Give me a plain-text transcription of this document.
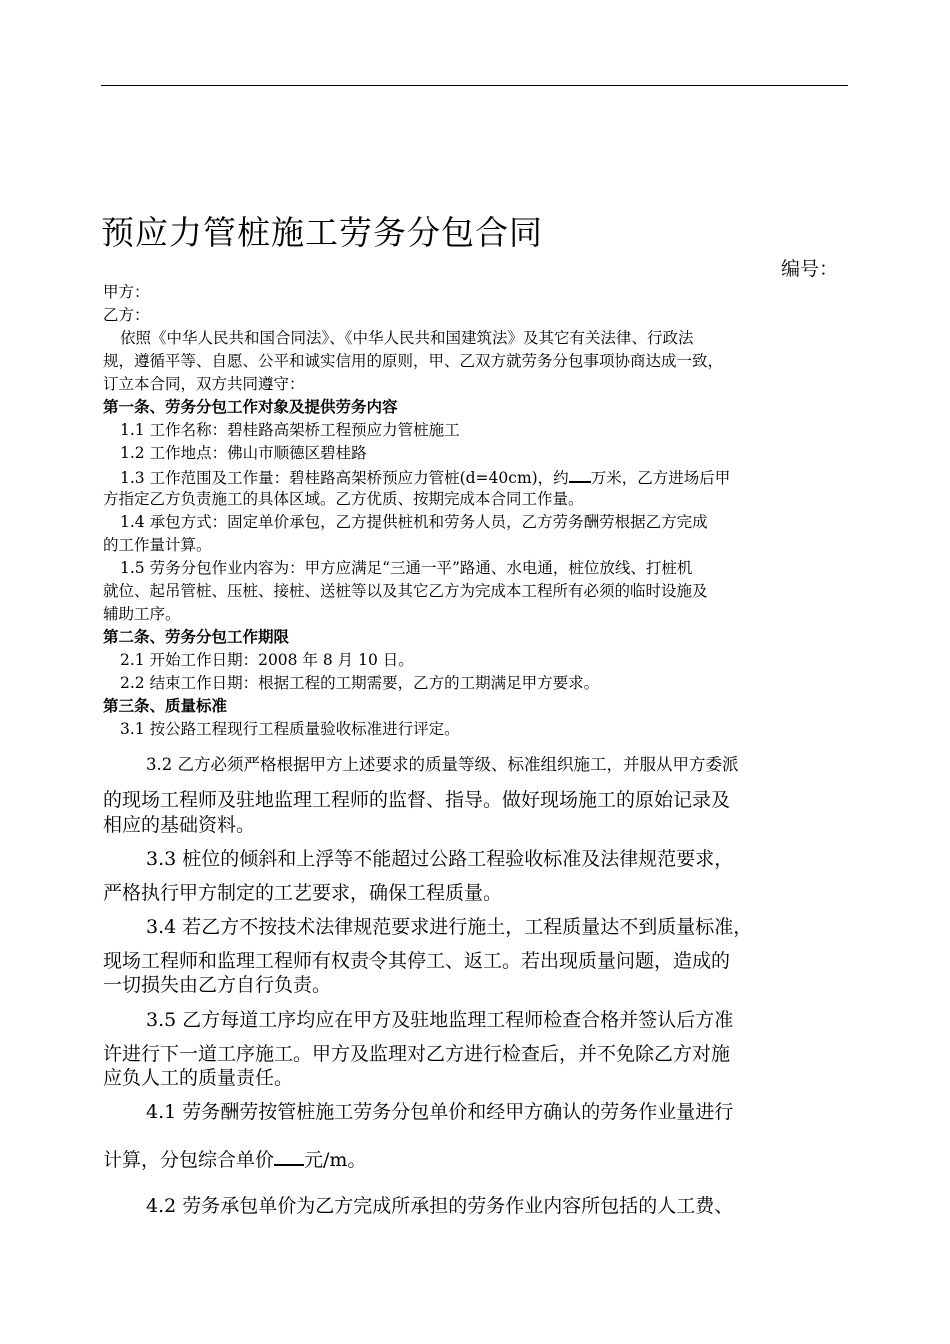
预应力管桩施工劳务分包合同
编号：
甲方：
乙方：
依照《中华人民共和国合同法》、《中华人民共和国建筑法》及其它有关法律、行政法
规，遵循平等、自愿、公平和诚实信用的原则，甲、乙双方就劳务分包事项协商达成一致，
订立本合同，双方共同遵守：
第一条、劳务分包工作对象及提供劳务内容
1.1 工作名称：碧桂路高架桥工程预应力管桩施工
1.2 工作地点：佛山市顺德区碧桂路
1.3 工作范围及工作量：碧桂路高架桥预应力管桩(d=40cm)，约 万米，乙方进场后甲
方指定乙方负责施工的具体区域。乙方优质、按期完成本合同工作量。
1.4 承包方式：固定单价承包，乙方提供桩机和劳务人员，乙方劳务酬劳根据乙方完成
的工作量计算。
1.5 劳务分包作业内容为：甲方应满足“三通一平”路通、水电通，桩位放线、打桩机
就位、起吊管桩、压桩、接桩、送桩等以及其它乙方为完成本工程所有必须的临时设施及
辅助工序。
第二条、劳务分包工作期限
2.1 开始工作日期：2008 年 8 月 10 日。
2.2 结束工作日期：根据工程的工期需要，乙方的工期满足甲方要求。
第三条、质量标准
3.1 按公路工程现行工程质量验收标准进行评定。
3.2 乙方必须严格根据甲方上述要求的质量等级、标准组织施工，并服从甲方委派
的现场工程师及驻地监理工程师的监督、指导。做好现场施工的原始记录及
相应的基础资料。
3.3 桩位的倾斜和上浮等不能超过公路工程验收标准及法律规范要求，
严格执行甲方制定的工艺要求，确保工程质量。
3.4 若乙方不按技术法律规范要求进行施土，工程质量达不到质量标准，
现场工程师和监理工程师有权责令其停工、返工。若出现质量问题，造成的
一切损失由乙方自行负责。
3.5 乙方每道工序均应在甲方及驻地监理工程师检查合格并签认后方准
许进行下一道工序施工。甲方及监理对乙方进行检查后，并不免除乙方对施
应负人工的质量责任。
4.1 劳务酬劳按管桩施工劳务分包单价和经甲方确认的劳务作业量进行
计算，分包综合单价 元/m。
4.2 劳务承包单价为乙方完成所承担的劳务作业内容所包括的人工费、
